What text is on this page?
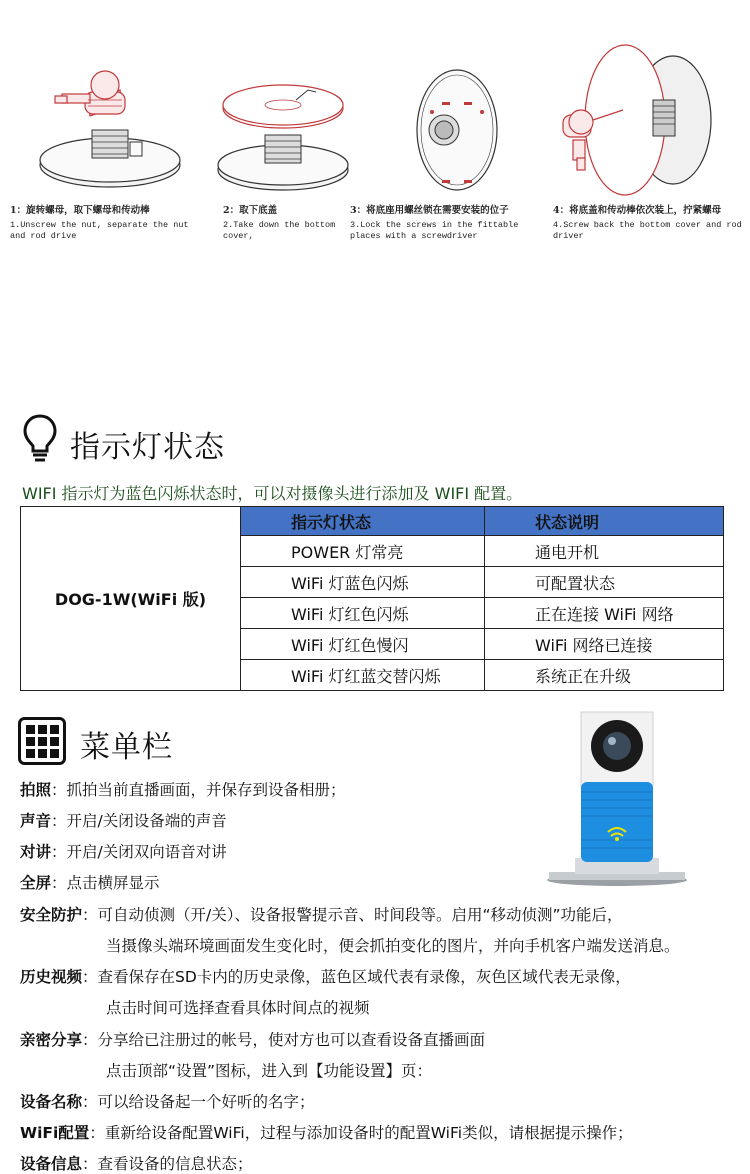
1：旋转螺母，取下螺母和传动棒
1.Unscrew the nut, separate the nut
and rod drive
2：取下底盖
2.Take down the bottom
cover,
3：将底座用螺丝锁在需要安装的位子
3.Lock the screws in the fittable
places with a screwdriver
4：将底盖和传动棒依次装上，拧紧螺母
4.Screw back the bottom cover and rod
driver
指示灯状态
WIFI 指示灯为蓝色闪烁状态时，可以对摄像头进行添加及 WIFI 配置。
DOG-1W(WiFi 版)	指示灯状态	状态说明
	POWER 灯常亮	通电开机
	WiFi 灯蓝色闪烁	可配置状态
	WiFi 灯红色闪烁	正在连接 WiFi 网络
	WiFi 灯红色慢闪	WiFi 网络已连接
	WiFi 灯红蓝交替闪烁	系统正在升级
菜单栏
拍照：抓拍当前直播画面，并保存到设备相册；
声音：开启/关闭设备端的声音
对讲：开启/关闭双向语音对讲
全屏：点击横屏显示
安全防护：可自动侦测（开/关）、设备报警提示音、时间段等。启用“移动侦测”功能后，
当摄像头端环境画面发生变化时，便会抓拍变化的图片，并向手机客户端发送消息。
历史视频：查看保存在SD卡内的历史录像，蓝色区域代表有录像，灰色区域代表无录像，
点击时间可选择查看具体时间点的视频
亲密分享：分享给已注册过的帐号，使对方也可以查看设备直播画面
点击顶部“设置”图标，进入到【功能设置】页：
设备名称：可以给设备起一个好听的名字；
WiFi配置：重新给设备配置WiFi，过程与添加设备时的配置WiFi类似，请根据提示操作；
设备信息：查看设备的信息状态；
